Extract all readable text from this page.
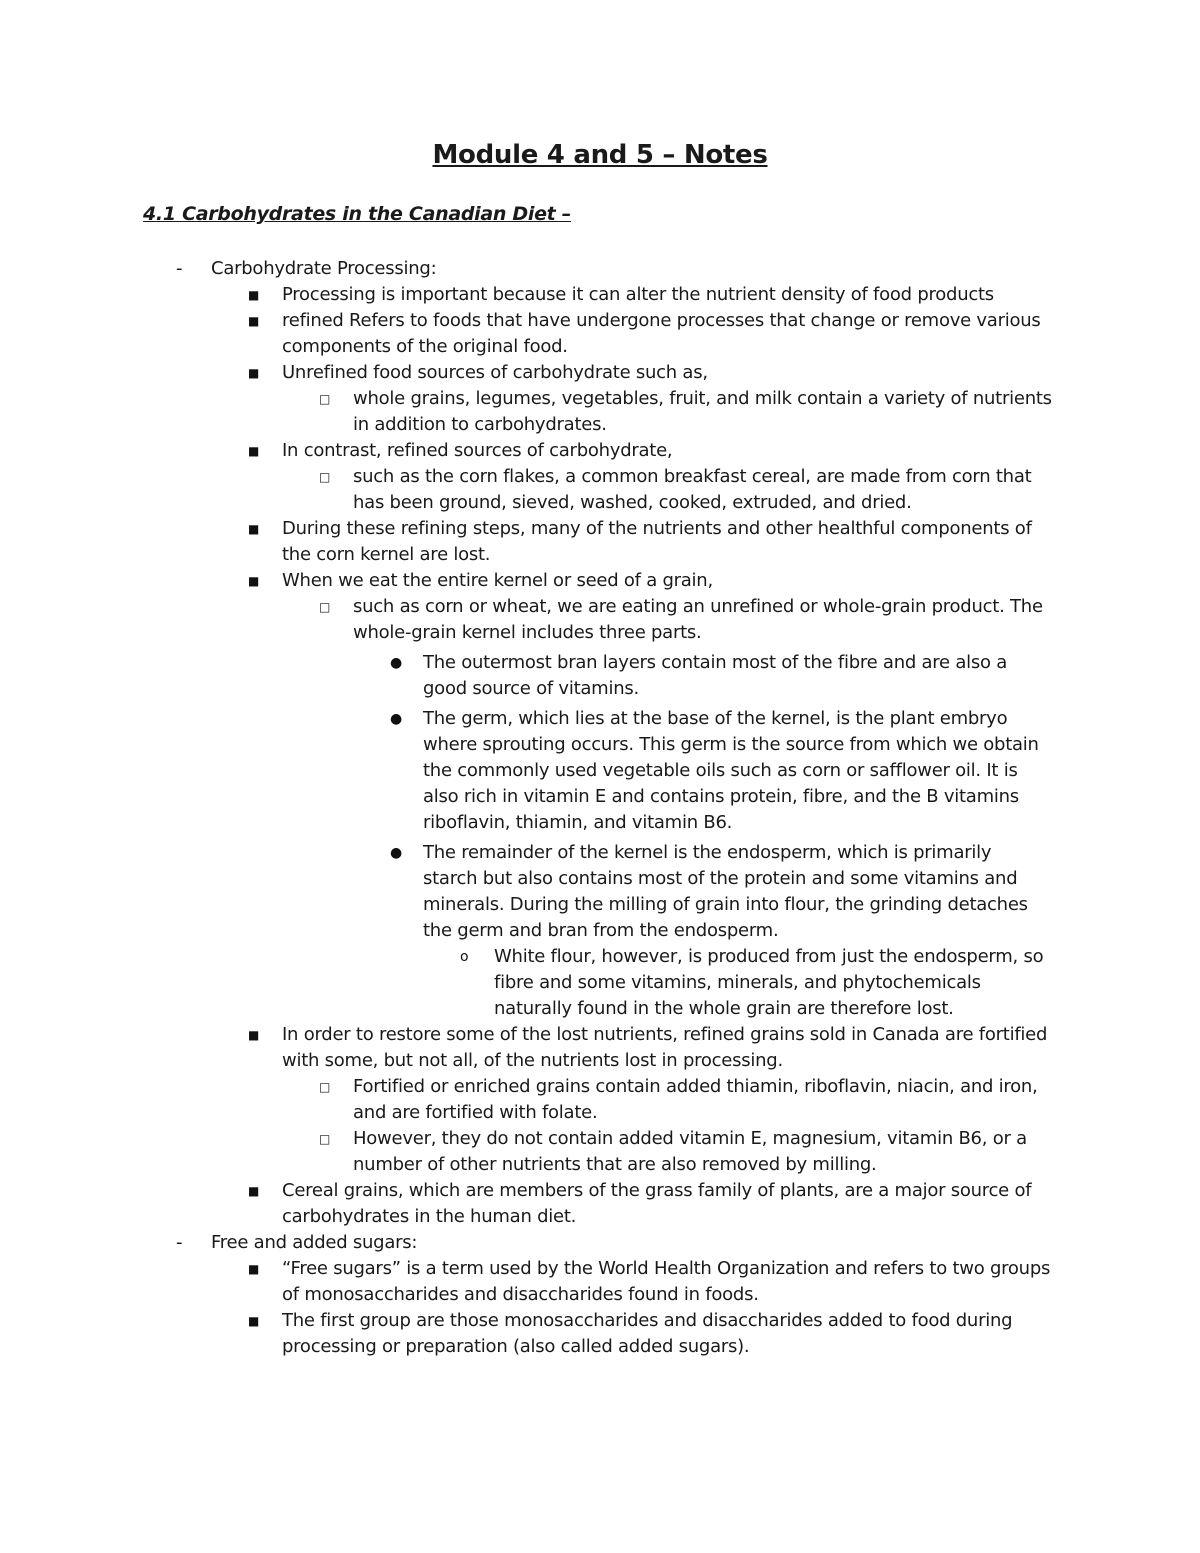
Module 4 and 5 – Notes
4.1 Carbohydrates in the Canadian Diet –
- Carbohydrate Processing:
■ Processing is important because it can alter the nutrient density of food products
■ refined Refers to foods that have undergone processes that change or remove various components of the original food.
■ Unrefined food sources of carbohydrate such as,
□ whole grains, legumes, vegetables, fruit, and milk contain a variety of nutrients in addition to carbohydrates.
■ In contrast, refined sources of carbohydrate,
□ such as the corn flakes, a common breakfast cereal, are made from corn that has been ground, sieved, washed, cooked, extruded, and dried.
■ During these refining steps, many of the nutrients and other healthful components of the corn kernel are lost.
■ When we eat the entire kernel or seed of a grain,
□ such as corn or wheat, we are eating an unrefined or whole-grain product. The whole-grain kernel includes three parts.
● The outermost bran layers contain most of the fibre and are also a good source of vitamins.
● The germ, which lies at the base of the kernel, is the plant embryo where sprouting occurs. This germ is the source from which we obtain the commonly used vegetable oils such as corn or safflower oil. It is also rich in vitamin E and contains protein, fibre, and the B vitamins riboflavin, thiamin, and vitamin B6.
● The remainder of the kernel is the endosperm, which is primarily starch but also contains most of the protein and some vitamins and minerals. During the milling of grain into flour, the grinding detaches the germ and bran from the endosperm.
o White flour, however, is produced from just the endosperm, so fibre and some vitamins, minerals, and phytochemicals naturally found in the whole grain are therefore lost.
■ In order to restore some of the lost nutrients, refined grains sold in Canada are fortified with some, but not all, of the nutrients lost in processing.
□ Fortified or enriched grains contain added thiamin, riboflavin, niacin, and iron, and are fortified with folate.
□ However, they do not contain added vitamin E, magnesium, vitamin B6, or a number of other nutrients that are also removed by milling.
■ Cereal grains, which are members of the grass family of plants, are a major source of carbohydrates in the human diet.
- Free and added sugars:
■ “Free sugars” is a term used by the World Health Organization and refers to two groups of monosaccharides and disaccharides found in foods.
■ The first group are those monosaccharides and disaccharides added to food during processing or preparation (also called added sugars).
